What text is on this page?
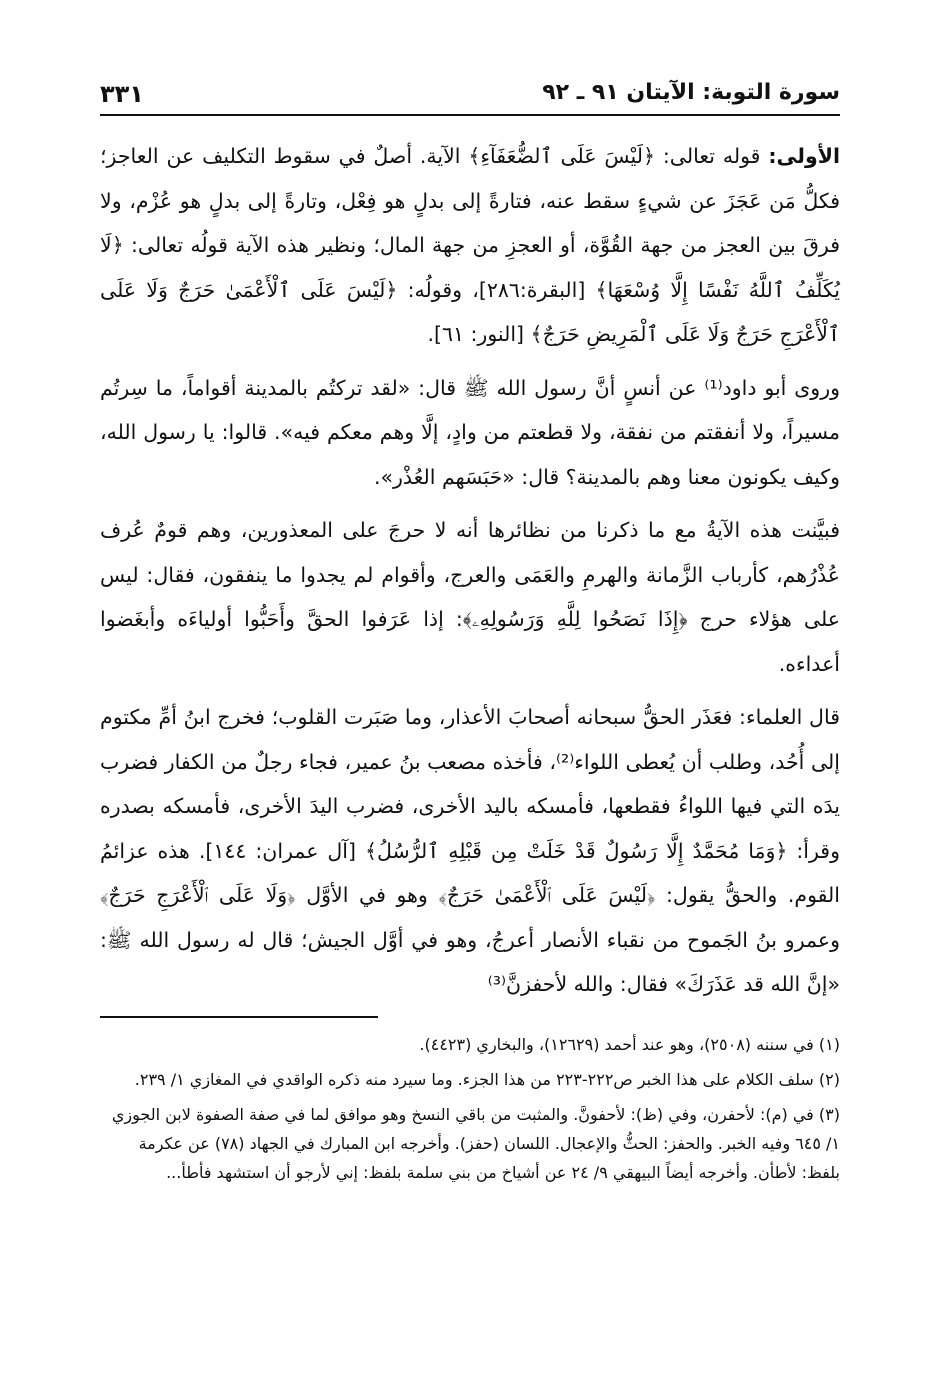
سورة التوبة: الآيتان ٩١ ـ ٩٢
٣٣١

الأولى: قوله تعالى: ﴿لَيْسَ عَلَى ٱلضُّعَفَآءِ﴾ الآية. أصلٌ في سقوط التكليف عن العاجز؛ فكلُّ مَن عَجَزَ عن شيءٍ سقط عنه، فتارةً إلى بدلٍ هو فِعْل، وتارةً إلى بدلٍ هو عُزْم، ولا فرقَ بين العجز من جهة القُوَّة، أو العجزِ من جهة المال؛ ونظير هذه الآية قولُه تعالى: ﴿لَا يُكَلِّفُ ٱللَّهُ نَفْسًا إِلَّا وُسْعَهَا﴾ [البقرة:٢٨٦]، وقولُه: ﴿لَيْسَ عَلَى ٱلْأَعْمَىٰ حَرَجٌ وَلَا عَلَى ٱلْأَعْرَجِ حَرَجٌ وَلَا عَلَى ٱلْمَرِيضِ حَرَجٌ﴾ [النور: ٦١].

وروى أبو داود⁽¹⁾ عن أنسٍ أنَّ رسول الله ﷺ قال: «لقد تركتُم بالمدينة أقواماً، ما سِرتُم مسيراً، ولا أنفقتم من نفقة، ولا قطعتم من وادٍ، إلَّا وهم معكم فيه». قالوا: يا رسول الله، وكيف يكونون معنا وهم بالمدينة؟ قال: «حَبَسَهم العُذْر».

فبيَّنت هذه الآيةُ مع ما ذكرنا من نظائرها أنه لا حرجَ على المعذورين، وهم قومٌ عُرف عُذْرُهم، كأرباب الزَّمانة والهرمِ والعَمَى والعرج، وأقوام لم يجدوا ما ينفقون، فقال: ليس على هؤلاء حرج ﴿إِذَا نَصَحُوا لِلَّهِ وَرَسُولِهِۦ﴾: إذا عَرَفوا الحقَّ وأَحَبُّوا أولياءَه وأبغَضوا أعداءه.

قال العلماء: فعَذَر الحقُّ سبحانه أصحابَ الأعذار، وما صَبَرت القلوب؛ فخرج ابنُ أمِّ مكتوم إلى أُحُد، وطلب أن يُعطى اللواء⁽²⁾، فأخذه مصعب بنُ عمير، فجاء رجلٌ من الكفار فضرب يدَه التي فيها اللواءُ فقطعها، فأمسكه باليد الأخرى، فضرب اليدَ الأخرى، فأمسكه بصدره وقرأ: ﴿وَمَا مُحَمَّدٌ إِلَّا رَسُولٌ قَدْ خَلَتْ مِن قَبْلِهِ ٱلرُّسُلُ﴾ [آل عمران: ١٤٤]. هذه عزائمُ القوم. والحقُّ يقول: ﴿لَيْسَ عَلَى ٱلْأَعْمَىٰ حَرَجٌ﴾ وهو في الأوَّل ﴿وَلَا عَلَى ٱلْأَعْرَجِ حَرَجٌ﴾ وعمرو بنُ الجَموح من نقباء الأنصار أعرجُ، وهو في أوَّل الجيش؛ قال له رسول الله ﷺ: «إنَّ الله قد عَذَرَكَ» فقال: والله لأحفزنَّ⁽³⁾

(١) في سننه (٢٥٠٨)، وهو عند أحمد (١٢٦٢٩)، والبخاري (٤٤٢٣).

(٢) سلف الكلام على هذا الخبر ص٢٢٢-٢٢٣ من هذا الجزء. وما سيرد منه ذكره الواقدي في المغازي ١/ ٢٣٩.

(٣) في (م): لأحفرن، وفي (ظ): لأحفونَّ. والمثبت من باقي النسخ وهو موافق لما في صفة الصفوة لابن الجوزي ١/ ٦٤٥ وفيه الخبر. والحفز: الحثُّ والإعجال. اللسان (حفز). وأخرجه ابن المبارك في الجهاد (٧٨) عن عكرمة بلفظ: لأطأن. وأخرجه أيضاً البيهقي ٩/ ٢٤ عن أشياخ من بني سلمة بلفظ: إني لأرجو أن استشهد فأطأ...
